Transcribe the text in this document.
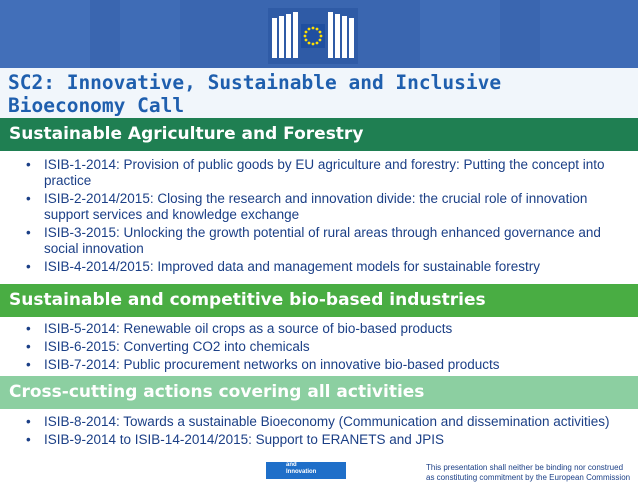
SC2: Innovative, Sustainable and Inclusive Bioeconomy Call
Sustainable Agriculture and Forestry
• ISIB-1-2014: Provision of public goods by EU agriculture and forestry: Putting the concept into practice
• ISIB-2-2014/2015: Closing the research and innovation divide: the crucial role of innovation support services and knowledge exchange
• ISIB-3-2015: Unlocking the growth potential of rural areas through enhanced governance and social innovation
• ISIB-4-2014/2015: Improved data and management models for sustainable forestry
Sustainable and competitive bio-based industries
• ISIB-5-2014: Renewable oil crops as a source of bio-based products
• ISIB-6-2015: Converting CO2 into chemicals
• ISIB-7-2014: Public procurement networks on innovative bio-based products
Cross-cutting actions covering all activities
• ISIB-8-2014: Towards a sustainable Bioeconomy (Communication and dissemination activities)
• ISIB-9-2014 to ISIB-14-2014/2015: Support to ERANETS and JPIS
and
Innovation	This presentation shall neither be binding nor construed
as constituting commitment by the European Commission
